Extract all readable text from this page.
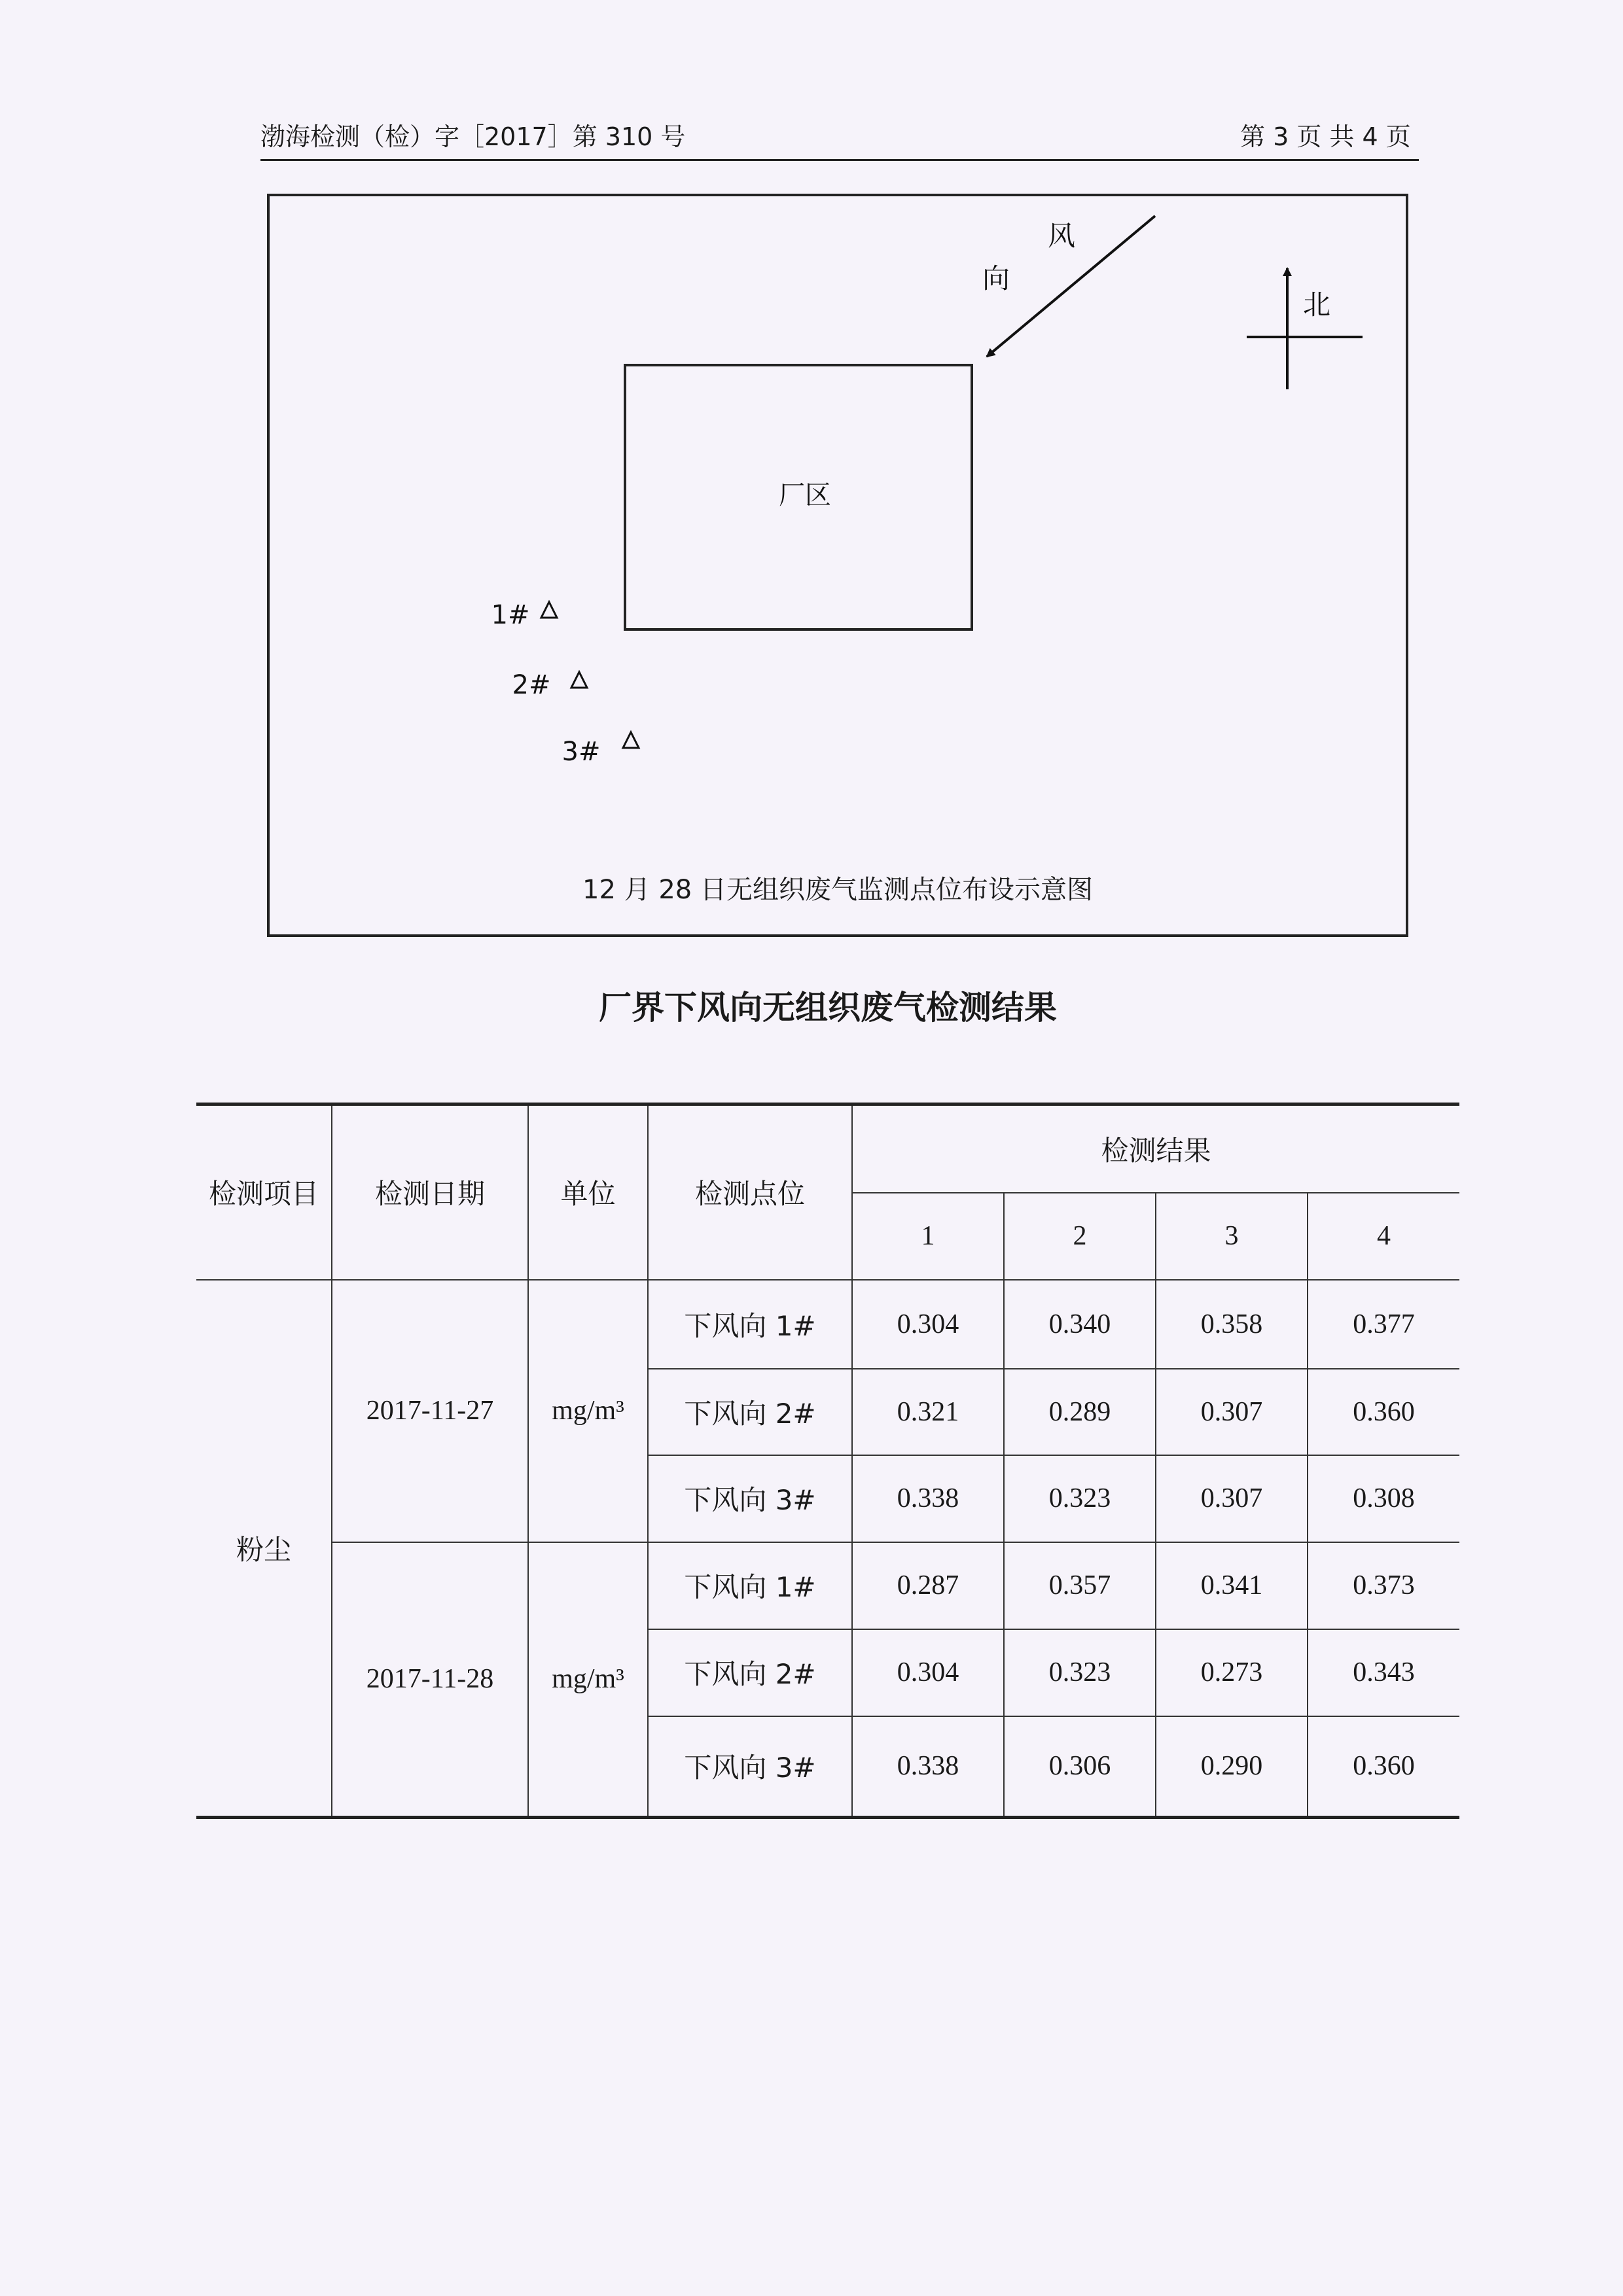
渤海检测（检）字［2017］第 310 号	第 3 页 共 4 页
厂区
风
向
北
1#
2#
3#
12 月 28 日无组织废气监测点位布设示意图
厂界下风向无组织废气检测结果
检测项目	检测日期	单位	检测点位	检测结果			
				1	2	3	4
粉尘	2017-11-27	mg/m³	下风向 1#	0.304	0.340	0.358	0.377
			下风向 2#	0.321	0.289	0.307	0.360
			下风向 3#	0.338	0.323	0.307	0.308
	2017-11-28	mg/m³	下风向 1#	0.287	0.357	0.341	0.373
			下风向 2#	0.304	0.323	0.273	0.343
			下风向 3#	0.338	0.306	0.290	0.360
